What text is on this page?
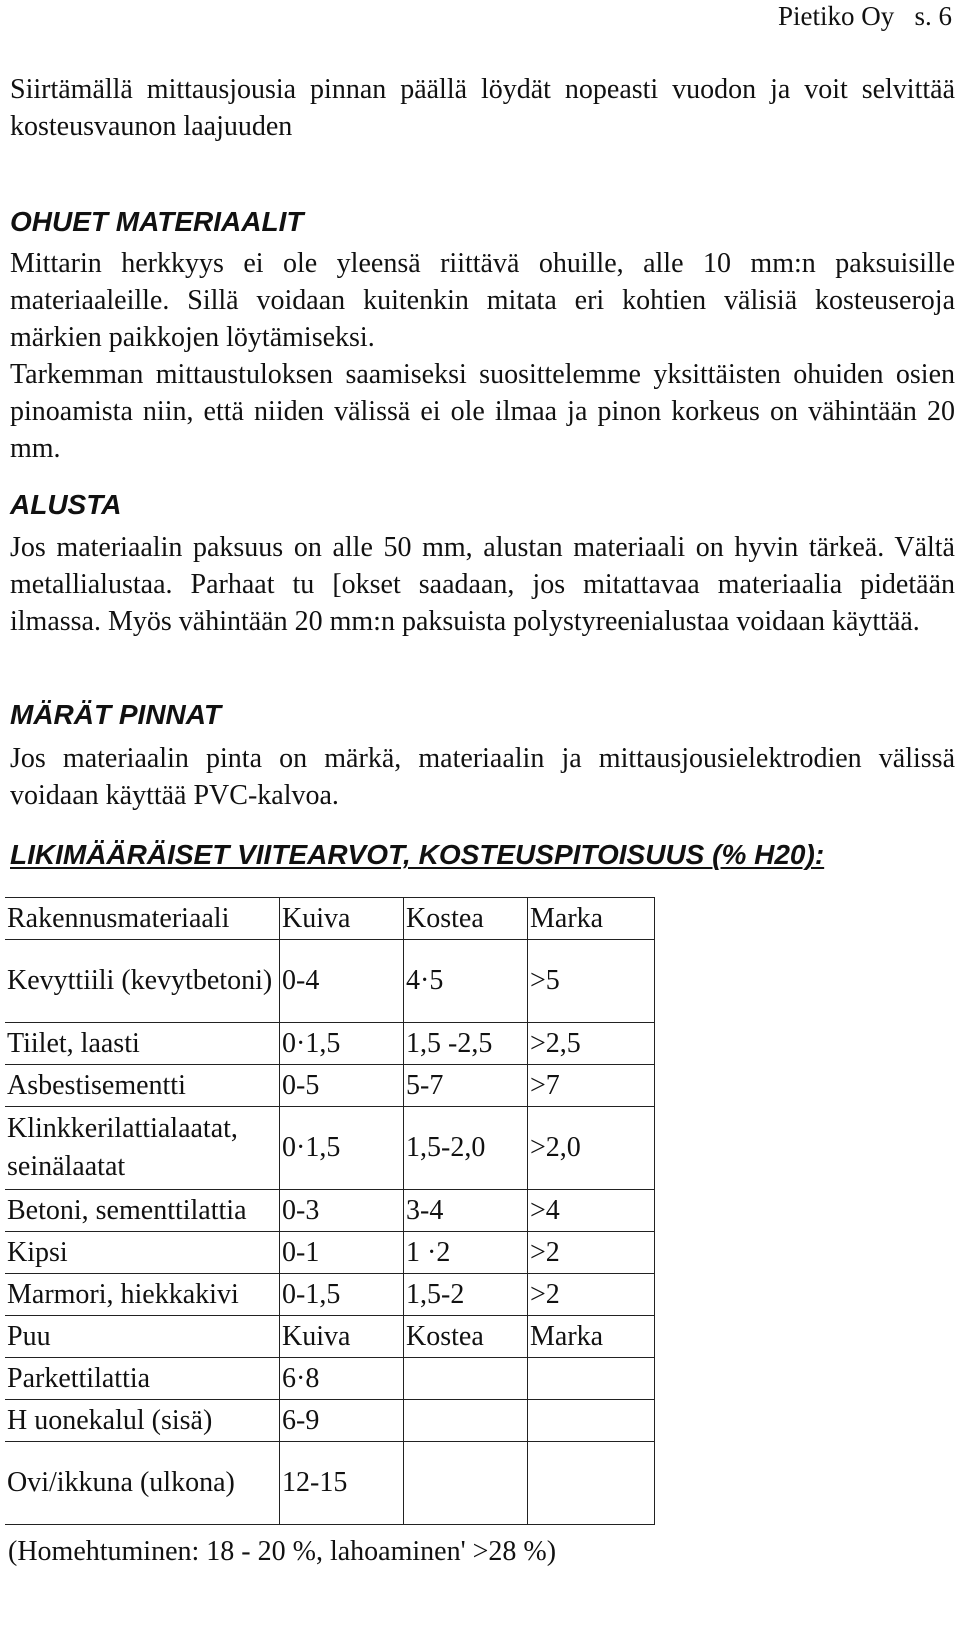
Pietiko Oy s. 6

Siirtämällä mittausjousia pinnan päällä löydät nopeasti vuodon ja voit selvittää kosteusvaunon laajuuden

OHUET MATERIAALIT

Mittarin herkkyys ei ole yleensä riittävä ohuille, alle 10 mm:n paksuisille materiaaleille. Sillä voidaan kuitenkin mitata eri kohtien välisiä kosteuseroja märkien paikkojen löytämiseksi.

Tarkemman mittaustuloksen saamiseksi suosittelemme yksittäisten ohuiden osien pinoamista niin, että niiden välissä ei ole ilmaa ja pinon korkeus on vähintään 20 mm.

ALUSTA

Jos materiaalin paksuus on alle 50 mm, alustan materiaali on hyvin tärkeä. Vältä metallialustaa. Parhaat tu [okset saadaan, jos mitattavaa materiaalia pidetään ilmassa. Myös vähintään 20 mm:n paksuista polystyreenialustaa voidaan käyttää.

MÄRÄT PINNAT

Jos materiaalin pinta on märkä, materiaalin ja mittausjousielektrodien välissä voidaan käyttää PVC-kalvoa.

LIKIMÄÄRÄISET VIITEARVOT, KOSTEUSPITOISUUS (% H20):
Rakennusmateriaali	Kuiva	Kostea	Marka
Kevyttiili (kevytbetoni)	0-4	4·5	>5
Tiilet, laasti	0·1,5	1,5 -2,5	>2,5
Asbestisementti	0-5	5-7	>7
Klinkkerilattialaatat, seinälaatat	0·1,5	1,5-2,0	>2,0
Betoni, sementtilattia	0-3	3-4	>4
Kipsi	0-1	1 ·2	>2
Marmori, hiekkakivi	0-1,5	1,5-2	>2
Puu	Kuiva	Kostea	Marka
Parkettilattia	6·8		
H uonekalul (sisä)	6-9		
Ovi/ikkuna (ulkona)	12-15		
(Homehtuminen: 18 - 20 %, lahoaminen' >28 %)
